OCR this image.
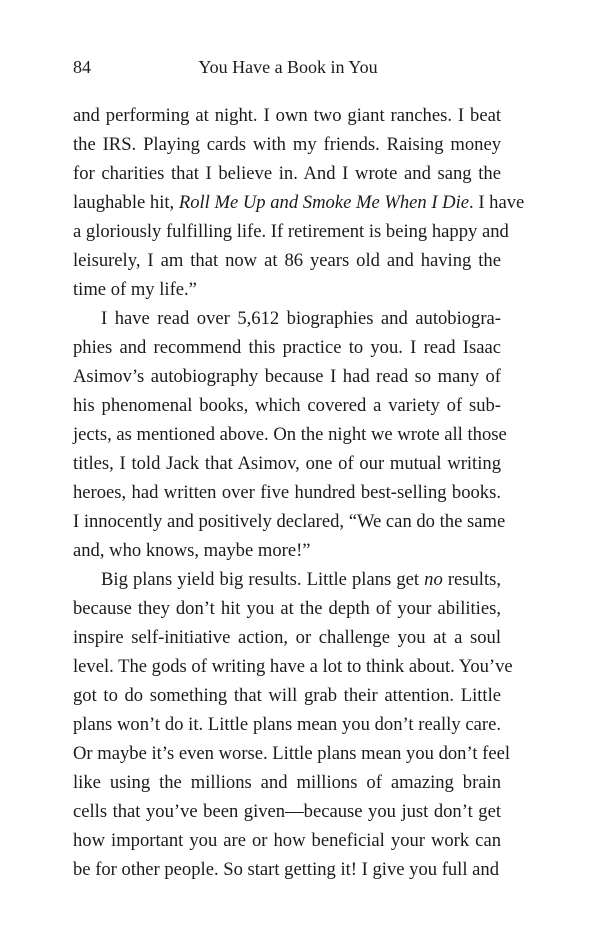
84	You Have a Book in You
and performing at night. I own two giant ranches. I beat
the IRS. Playing cards with my friends. Raising money
for charities that I believe in. And I wrote and sang the
laughable hit, Roll Me Up and Smoke Me When I Die. I have
a gloriously fulfilling life. If retirement is being happy and
leisurely, I am that now at 86 years old and having the
time of my life.”
I have read over 5,612 biographies and autobiogra-
phies and recommend this practice to you. I read Isaac
Asimov’s autobiography because I had read so many of
his phenomenal books, which covered a variety of sub-
jects, as mentioned above. On the night we wrote all those
titles, I told Jack that Asimov, one of our mutual writing
heroes, had written over five hundred best-selling books.
I innocently and positively declared, “We can do the same
and, who knows, maybe more!”
Big plans yield big results. Little plans get no results,
because they don’t hit you at the depth of your abilities,
inspire self-initiative action, or challenge you at a soul
level. The gods of writing have a lot to think about. You’ve
got to do something that will grab their attention. Little
plans won’t do it. Little plans mean you don’t really care.
Or maybe it’s even worse. Little plans mean you don’t feel
like using the millions and millions of amazing brain
cells that you’ve been given—because you just don’t get
how important you are or how beneficial your work can
be for other people. So start getting it! I give you full and
